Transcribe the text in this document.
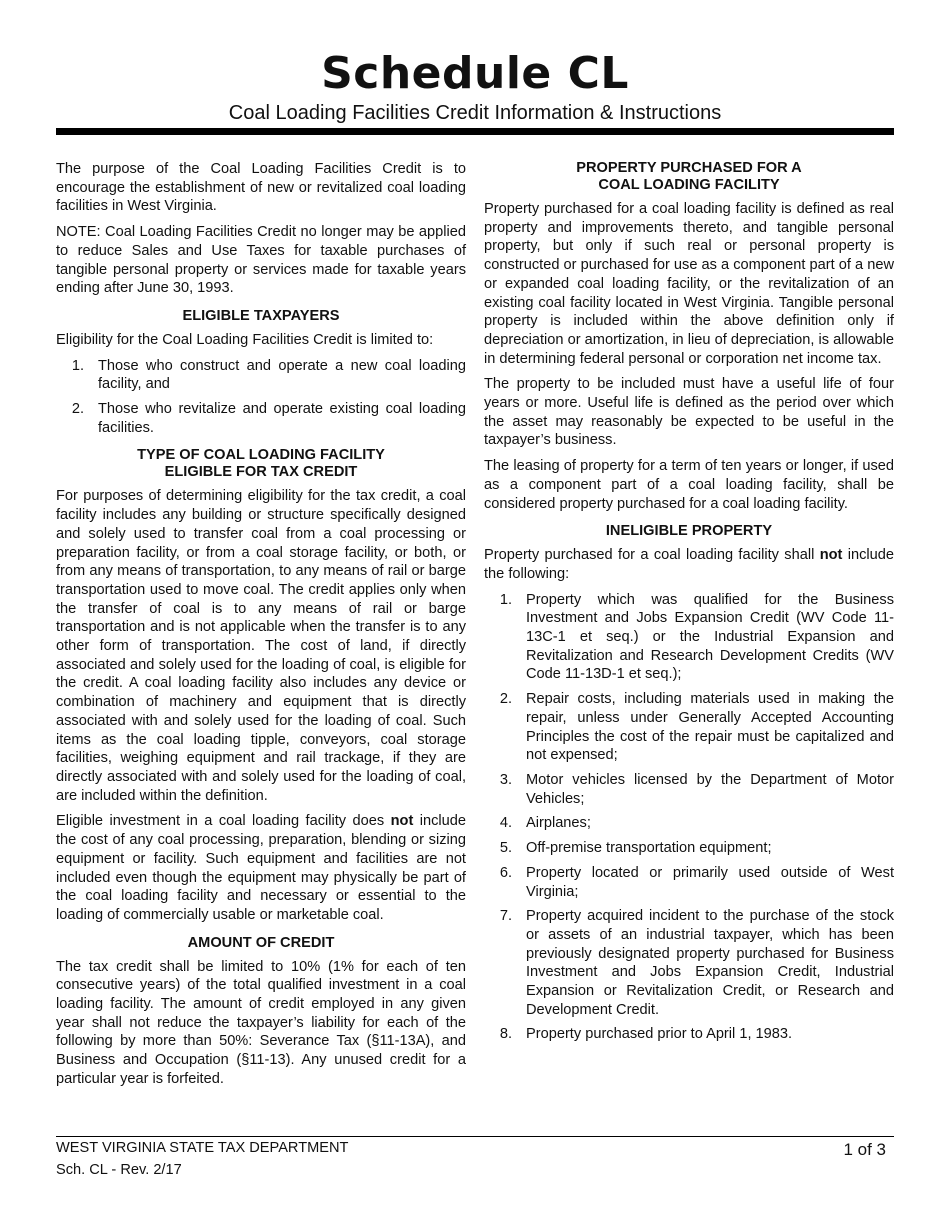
Schedule CL

Coal Loading Facilities Credit Information & Instructions

The purpose of the Coal Loading Facilities Credit is to encourage the establishment of new or revitalized coal loading facilities in West Virginia.

NOTE: Coal Loading Facilities Credit no longer may be applied to reduce Sales and Use Taxes for taxable purchases of tangible personal property or services made for taxable years ending after June 30, 1993.

ELIGIBLE TAXPAYERS

Eligibility for the Coal Loading Facilities Credit is limited to:

1. Those who construct and operate a new coal loading facility, and
2. Those who revitalize and operate existing coal loading facilities.
TYPE OF COAL LOADING FACILITY
ELIGIBLE FOR TAX CREDIT

For purposes of determining eligibility for the tax credit, a coal facility includes any building or structure specifically designed and solely used to transfer coal from a coal processing or preparation facility, or from a coal storage facility, or both, or from any means of transportation, to any means of rail or barge transportation used to move coal. The credit applies only when the transfer of coal is to any means of rail or barge transportation and is not applicable when the transfer is to any other form of transportation. The cost of land, if directly associated and solely used for the loading of coal, is eligible for the credit. A coal loading facility also includes any device or combination of machinery and equipment that is directly associated with and solely used for the loading of coal. Such items as the coal loading tipple, conveyors, coal storage facilities, weighing equipment and rail trackage, if they are directly associated with and solely used for the loading of coal, are included within the definition.

Eligible investment in a coal loading facility does not include the cost of any coal processing, preparation, blending or sizing equipment or facility. Such equipment and facilities are not included even though the equipment may physically be part of the coal loading facility and necessary or essential to the loading of commercially usable or marketable coal.

AMOUNT OF CREDIT

The tax credit shall be limited to 10% (1% for each of ten consecutive years) of the total qualified investment in a coal loading facility. The amount of credit employed in any given year shall not reduce the taxpayer’s liability for each of the following by more than 50%: Severance Tax (§11-13A), and Business and Occupation (§11-13). Any unused credit for a particular year is forfeited.

PROPERTY PURCHASED FOR A
COAL LOADING FACILITY

Property purchased for a coal loading facility is defined as real property and improvements thereto, and tangible personal property, but only if such real or personal property is constructed or purchased for use as a component part of a new or expanded coal loading facility, or the revitalization of an existing coal facility located in West Virginia. Tangible personal property is included within the above definition only if depreciation or amortization, in lieu of depreciation, is allowable in determining federal personal or corporation net income tax.

The property to be included must have a useful life of four years or more. Useful life is defined as the period over which the asset may reasonably be expected to be useful in the taxpayer’s business.

The leasing of property for a term of ten years or longer, if used as a component part of a coal loading facility, shall be considered property purchased for a coal loading facility.

INELIGIBLE PROPERTY

Property purchased for a coal loading facility shall not include the following:

1. Property which was qualified for the Business Investment and Jobs Expansion Credit (WV Code 11-13C-1 et seq.) or the Industrial Expansion and Revitalization and Research Development Credits (WV Code 11-13D-1 et seq.);
2. Repair costs, including materials used in making the repair, unless under Generally Accepted Accounting Principles the cost of the repair must be capitalized and not expensed;
3. Motor vehicles licensed by the Department of Motor Vehicles;
4. Airplanes;
5. Off-premise transportation equipment;
6. Property located or primarily used outside of West Virginia;
7. Property acquired incident to the purchase of the stock or assets of an industrial taxpayer, which has been previously designated property purchased for Business Investment and Jobs Expansion Credit, Industrial Expansion or Revitalization Credit, or Research and Development Credit.
8. Property purchased prior to April 1, 1983.
WEST VIRGINIA STATE TAX DEPARTMENT
Sch. CL - Rev. 2/17
1 of 3
